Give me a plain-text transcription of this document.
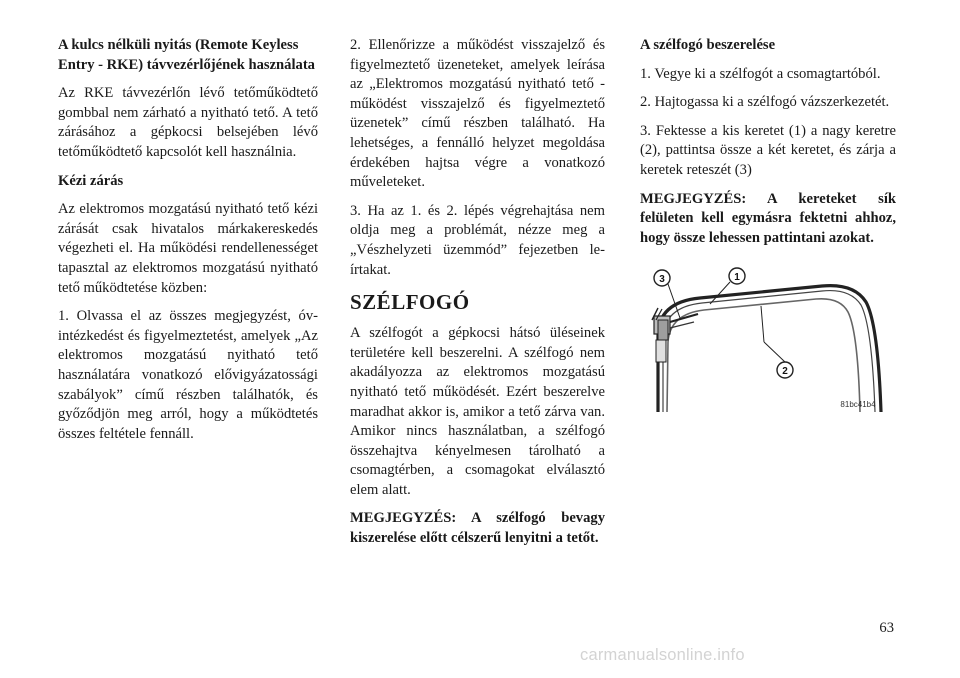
A kulcs nélküli nyitás (Remote Keyless Entry - RKE) távvezérlőjének használata

Az RKE távvezérlőn lévő tetőműködtető gombbal nem zárható a nyitható tető. A tető zárásához a gépkocsi belsejében lévő tetőműködtető kapcsolót kell használnia.

Kézi zárás

Az elektromos mozgatású nyitható tető kézi zárását csak hivatalos márkakereskedés végezheti el. Ha működési rendellenességet tapasztal az elektromos mozgatású nyitható tető működtetése közben:

1. Olvassa el az összes megjegyzést, óvintézkedést és figyelmeztetést, amelyek „Az elektromos mozgatású nyitható tető használatára vonatkozó elővigyázatossági szabályok” című részben találhatók, és győződjön meg arról, hogy a működtetés összes feltétele fennáll.

2. Ellenőrizze a működést visszajelző és figyelmeztető üzeneteket, amelyek leírása az „Elektromos mozgatású nyitható tető - működést visszajelző és figyelmeztető üzenetek” című részben található. Ha lehetséges, a fennálló helyzet megoldása érdekében hajtsa végre a vonatkozó műveleteket.

3. Ha az 1. és 2. lépés végrehajtása nem oldja meg a problémát, nézze meg a „Vészhelyzeti üzemmód” fejezetben leírtakat.

SZÉLFOGÓ

A szélfogót a gépkocsi hátsó üléseinek területére kell beszerelni. A szélfogó nem akadályozza az elektromos mozgatású nyitható tető működését. Ezért beszerelve maradhat akkor is, amikor a tető zárva van. Amikor nincs használatban, a szélfogó összehajtva kényelmesen tárolható a csomagtérben, a csomagokat elválasztó elem alatt.

MEGJEGYZÉS: A szélfogó bevagy kiszerelése előtt célszerű lenyitni a tetőt.

A szélfogó beszerelése

1. Vegye ki a szélfogót a csomagtartóból.

2. Hajtogassa ki a szélfogó vázszerkezetét.

3. Fektesse a kis keretet (1) a nagy keretre (2), pattintsa össze a két keretet, és zárja a keretek reteszét (3)

MEGJEGYZÉS: A kereteket sík felületen kell egymásra fektetni ahhoz, hogy össze lehessen pattintani azokat.

3	1
2
81bc41b4
63
carmanualsonline.info
